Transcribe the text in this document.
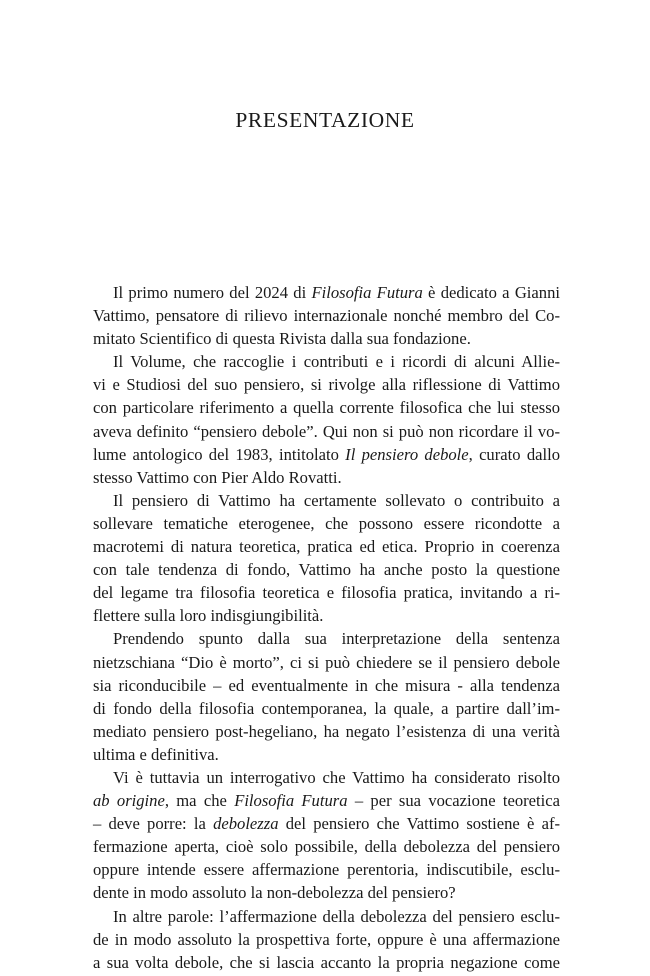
PRESENTAZIONE
Il primo numero del 2024 di Filosofia Futura è dedicato a Gianni
Vattimo, pensatore di rilievo internazionale nonché membro del Co-
mitato Scientifico di questa Rivista dalla sua fondazione.
Il Volume, che raccoglie i contributi e i ricordi di alcuni Allie-
vi e Studiosi del suo pensiero, si rivolge alla riflessione di Vattimo
con particolare riferimento a quella corrente filosofica che lui stesso
aveva definito “pensiero debole”. Qui non si può non ricordare il vo-
lume antologico del 1983, intitolato Il pensiero debole, curato dallo
stesso Vattimo con Pier Aldo Rovatti.
Il pensiero di Vattimo ha certamente sollevato o contribuito a
sollevare tematiche eterogenee, che possono essere ricondotte a
macrotemi di natura teoretica, pratica ed etica. Proprio in coerenza
con tale tendenza di fondo, Vattimo ha anche posto la questione
del legame tra filosofia teoretica e filosofia pratica, invitando a ri-
flettere sulla loro indisgiungibilità.
Prendendo spunto dalla sua interpretazione della sentenza
nietzschiana “Dio è morto”, ci si può chiedere se il pensiero debole
sia riconducibile – ed eventualmente in che misura - alla tendenza
di fondo della filosofia contemporanea, la quale, a partire dall’im-
mediato pensiero post-hegeliano, ha negato l’esistenza di una verità
ultima e definitiva.
Vi è tuttavia un interrogativo che Vattimo ha considerato risolto
ab origine, ma che Filosofia Futura – per sua vocazione teoretica
– deve porre: la debolezza del pensiero che Vattimo sostiene è af-
fermazione aperta, cioè solo possibile, della debolezza del pensiero
oppure intende essere affermazione perentoria, indiscutibile, esclu-
dente in modo assoluto la non-debolezza del pensiero?
In altre parole: l’affermazione della debolezza del pensiero esclu-
de in modo assoluto la prospettiva forte, oppure è una affermazione
a sua volta debole, che si lascia accanto la propria negazione come
